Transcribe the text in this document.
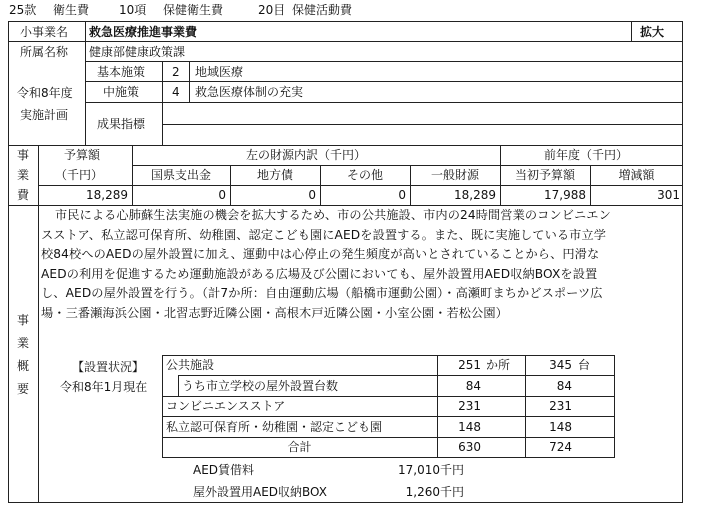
25款 衛生費 10項 保健衛生費	20目 保健活動費
小事業名 救急医療推進事業費	拡大
所属名称 健康部健康政策課
令和8年度
実施計画
基本施策 2 地域医療
中施策	4 救急医療体制の充実
成果指標
事
業
費
予算額
（千円）
左の財源内訳（千円）	前年度（千円）
国県支出金	地方債	その他	一般財源	当初予算額	増減額
18,289	0	0	0	18,289	17,988	301
事
業
概
要

市民による心肺蘇生法実施の機会を拡大するため、市の公共施設、市内の24時間営業のコンビニエン

スストア、私立認可保育所、幼稚園、認定こども園にAEDを設置する。また、既に実施している市立学

校84校へのAEDの屋外設置に加え、運動中は心停止の発生頻度が高いとされていることから、円滑な

AEDの利用を促進するため運動施設がある広場及び公園においても、屋外設置用AED収納BOXを設置

し、AEDの屋外設置を行う。（計7か所：自由運動広場（船橋市運動公園）・高瀬町まちかどスポーツ広

場・三番瀬海浜公園・北習志野近隣公園・高根木戸近隣公園・小室公園・若松公園）

【設置状況】
令和8年1月現在
公共施設	251 か所	345 台
うち市立学校の屋外設置台数	84	84
コンビニエンスストア	231	231
私立認可保育所・幼稚園・認定こども園	148	148
合計	630	724
AED賃借料	17,010千円
屋外設置用AED収納BOX	1,260千円
